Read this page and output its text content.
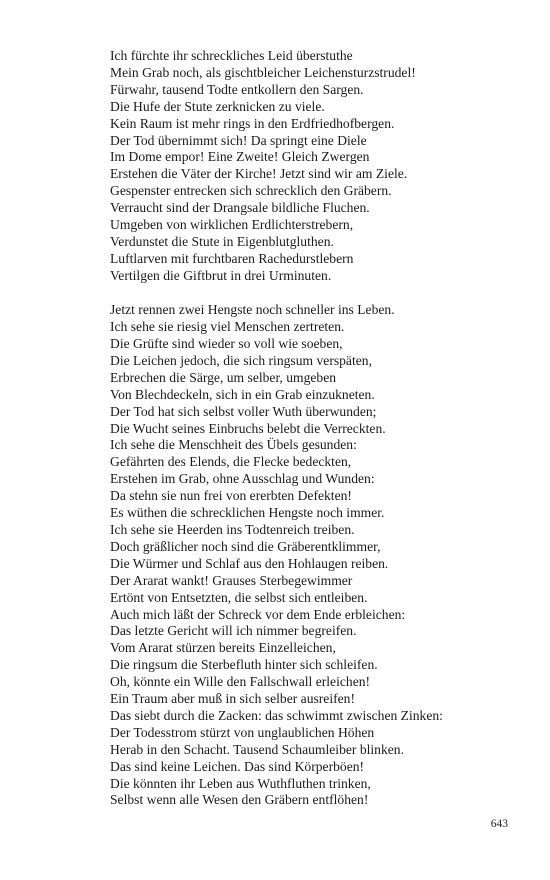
Ich fürchte ihr schreckliches Leid überstuthe
Mein Grab noch, als gischtbleicher Leichensturzstrudel!
Fürwahr, tausend Todte entkollern den Sargen.
Die Hufe der Stute zerknicken zu viele.
Kein Raum ist mehr rings in den Erdfriedhofbergen.
Der Tod übernimmt sich! Da springt eine Diele
Im Dome empor! Eine Zweite! Gleich Zwergen
Erstehen die Väter der Kirche! Jetzt sind wir am Ziele.
Gespenster entrecken sich schrecklich den Gräbern.
Verraucht sind der Drangsale bildliche Fluchen.
Umgeben von wirklichen Erdlichterstrebern,
Verdunstet die Stute in Eigenblutgluthen.
Luftlarven mit furchtbaren Rachedurstlebern
Vertilgen die Giftbrut in drei Urminuten.
Jetzt rennen zwei Hengste noch schneller ins Leben.
Ich sehe sie riesig viel Menschen zertreten.
Die Grüfte sind wieder so voll wie soeben,
Die Leichen jedoch, die sich ringsum verspäten,
Erbrechen die Särge, um selber, umgeben
Von Blechdeckeln, sich in ein Grab einzukneten.
Der Tod hat sich selbst voller Wuth überwunden;
Die Wucht seines Einbruchs belebt die Verreckten.
Ich sehe die Menschheit des Übels gesunden:
Gefährten des Elends, die Flecke bedeckten,
Erstehen im Grab, ohne Ausschlag und Wunden:
Da stehn sie nun frei von ererbten Defekten!
Es wüthen die schrecklichen Hengste noch immer.
Ich sehe sie Heerden ins Todtenreich treiben.
Doch gräßlicher noch sind die Gräberentklimmer,
Die Würmer und Schlaf aus den Hohlaugen reiben.
Der Ararat wankt! Grauses Sterbegewimmer
Ertönt von Entsetzten, die selbst sich entleiben.
Auch mich läßt der Schreck vor dem Ende erbleichen:
Das letzte Gericht will ich nimmer begreifen.
Vom Ararat stürzen bereits Einzelleichen,
Die ringsum die Sterbefluth hinter sich schleifen.
Oh, könnte ein Wille den Fallschwall erleichen!
Ein Traum aber muß in sich selber ausreifen!
Das siebt durch die Zacken: das schwimmt zwischen Zinken:
Der Todesstrom stürzt von unglaublichen Höhen
Herab in den Schacht. Tausend Schaumleiber blinken.
Das sind keine Leichen. Das sind Körperböen!
Die könnten ihr Leben aus Wuthfluthen trinken,
Selbst wenn alle Wesen den Gräbern entflöhen!
643
